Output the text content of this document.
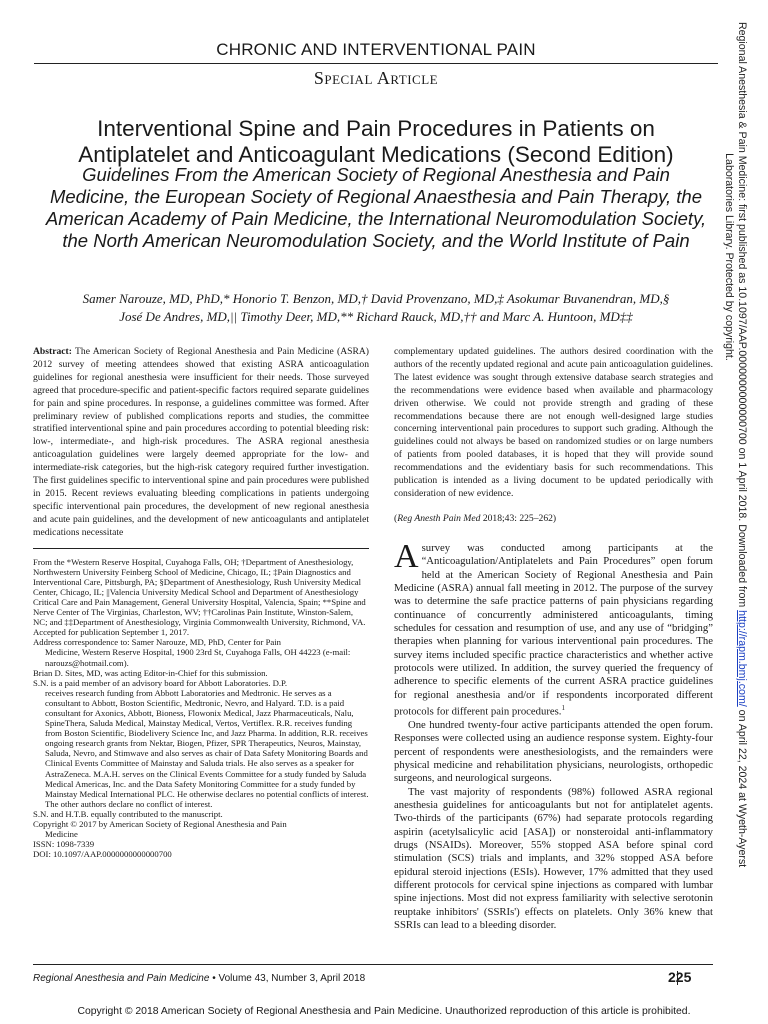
CHRONIC AND INTERVENTIONAL PAIN
Special Article
Interventional Spine and Pain Procedures in Patients on Antiplatelet and Anticoagulant Medications (Second Edition)
Guidelines From the American Society of Regional Anesthesia and Pain Medicine, the European Society of Regional Anaesthesia and Pain Therapy, the American Academy of Pain Medicine, the International Neuromodulation Society, the North American Neuromodulation Society, and the World Institute of Pain
Samer Narouze, MD, PhD,* Honorio T. Benzon, MD,† David Provenzano, MD,‡ Asokumar Buvanendran, MD,§
José De Andres, MD,|| Timothy Deer, MD,** Richard Rauck, MD,†† and Marc A. Huntoon, MD‡‡
Abstract: The American Society of Regional Anesthesia and Pain Medicine (ASRA) 2012 survey of meeting attendees showed that existing ASRA anticoagulation guidelines for regional anesthesia were insufficient for their needs. Those surveyed agreed that procedure-specific and patient-specific factors required separate guidelines for pain and spine procedures. In response, a guidelines committee was formed. After preliminary review of published complications reports and studies, the committee stratified interventional spine and pain procedures according to potential bleeding risk: low-, intermediate-, and high-risk procedures. The ASRA regional anesthesia anticoagulation guidelines were largely deemed appropriate for the low- and intermediate-risk categories, but the high-risk category required further investigation. The first guidelines specific to interventional spine and pain procedures were published in 2015. Recent reviews evaluating bleeding complications in patients undergoing specific interventional pain procedures, the development of new regional anesthesia and acute pain guidelines, and the development of new anticoagulants and antiplatelet medications necessitate

From the *Western Reserve Hospital, Cuyahoga Falls, OH; †Department of Anesthesiology, Northwestern University Feinberg School of Medicine, Chicago, IL; ‡Pain Diagnostics and Interventional Care, Pittsburgh, PA; §Department of Anesthesiology, Rush University Medical Center, Chicago, IL; ||Valencia University Medical School and Department of Anesthesiology Critical Care and Pain Management, General University Hospital, Valencia, Spain; **Spine and Nerve Center of The Virginias, Charleston, WV; ††Carolinas Pain Institute, Winston-Salem, NC; and ‡‡Department of Anesthesiology, Virginia Commonwealth University, Richmond, VA.

Accepted for publication September 1, 2017.

Address correspondence to: Samer Narouze, MD, PhD, Center for Pain

Medicine, Western Reserve Hospital, 1900 23rd St, Cuyahoga Falls, OH 44223 (e-mail: narouzs@hotmail.com).

Brian D. Sites, MD, was acting Editor-in-Chief for this submission.

S.N. is a paid member of an advisory board for Abbott Laboratories. D.P.

receives research funding from Abbott Laboratories and Medtronic. He serves as a consultant to Abbott, Boston Scientific, Medtronic, Nevro, and Halyard. T.D. is a paid consultant for Axonics, Abbott, Bioness, Flowonix Medical, Jazz Pharmaceuticals, Nalu, SpineThera, Saluda Medical, Mainstay Medical, Vertos, Vertiflex. R.R. receives funding from Boston Scientific, Biodelivery Science Inc, and Jazz Pharma. In addition, R.R. receives ongoing research grants from Nektar, Biogen, Pfizer, SPR Therapeutics, Neuros, Mainstay, Saluda, Nevro, and Stimwave and also serves as chair of Data Safety Monitoring Boards and Clinical Events Committee of Mainstay and Saluda trials. He also serves as a speaker for AstraZeneca. M.A.H. serves on the Clinical Events Committee for a study funded by Saluda Medical Americas, Inc. and the Data Safety Monitoring Committee for a study funded by Mainstay Medical International PLC. He otherwise declares no potential conflicts of interest. The other authors declare no conflict of interest.

S.N. and H.T.B. equally contributed to the manuscript.

Copyright © 2017 by American Society of Regional Anesthesia and Pain

Medicine

ISSN: 1098-7339

DOI: 10.1097/AAP.0000000000000700

complementary updated guidelines. The authors desired coordination with the authors of the recently updated regional and acute pain anticoagulation guidelines. The latest evidence was sought through extensive database search strategies and the recommendations were evidence based when available and pharmacology driven otherwise. We could not provide strength and grading of these recommendations because there are not enough well-designed large studies concerning interventional pain procedures to support such grading. Although the guidelines could not always be based on randomized studies or on large numbers of patients from pooled databases, it is hoped that they will provide sound recommendations and the evidentiary basis for such recommendations. This publication is intended as a living document to be updated periodically with consideration of new evidence.
(Reg Anesth Pain Med 2018;43: 225–262)

A survey was conducted among participants at the “Anticoagulation/Antiplatelets and Pain Procedures” open forum held at the American Society of Regional Anesthesia and Pain Medicine (ASRA) annual fall meeting in 2012. The purpose of the survey was to determine the safe practice patterns of pain physicians regarding continuance of concurrently administered anticoagulants, timing schedules for cessation and resumption of use, and any use of “bridging” therapies when planning for various interventional pain procedures. The survey items included specific practice characteristics and whether active protocols were utilized. In addition, the survey queried the frequency of adherence to specific elements of the current ASRA practice guidelines for regional anesthesia and/or if respondents incorporated different protocols for different pain procedures.$^1$

One hundred twenty-four active participants attended the open forum. Responses were collected using an audience response system. Eighty-four percent of respondents were anesthesiologists, and the remainders were physical medicine and rehabilitation physicians, neurologists, orthopedic surgeons, and neurological surgeons.

The vast majority of respondents (98%) followed ASRA regional anesthesia guidelines for anticoagulants but not for antiplatelet agents. Two-thirds of the participants (67%) had separate protocols regarding aspirin (acetylsalicylic acid [ASA]) or nonsteroidal anti-inflammatory drugs (NSAIDs). Moreover, 55% stopped ASA before spinal cord stimulation (SCS) trials and implants, and 32% stopped ASA before epidural steroid injections (ESIs). However, 17% admitted that they used different protocols for cervical spine injections as compared with lumbar spine injections. Most did not express familiarity with selective serotonin reuptake inhibitors' (SSRIs') effects on platelets. Only 36% knew that SSRIs can lead to a bleeding disorder.

Regional Anesthesia and Pain Medicine • Volume 43, Number 3, April 2018	225
Copyright © 2018 American Society of Regional Anesthesia and Pain Medicine. Unauthorized reproduction of this article is prohibited.
Regional Anesthesia & Pain Medicine: first published as 10.1097/AAP.0000000000000700 on 1 April 2018. Downloaded from http://rapm.bmj.com/ on April 22, 2024 at Wyeth-Ayerst
Laboratories Library. Protected by copyright.
